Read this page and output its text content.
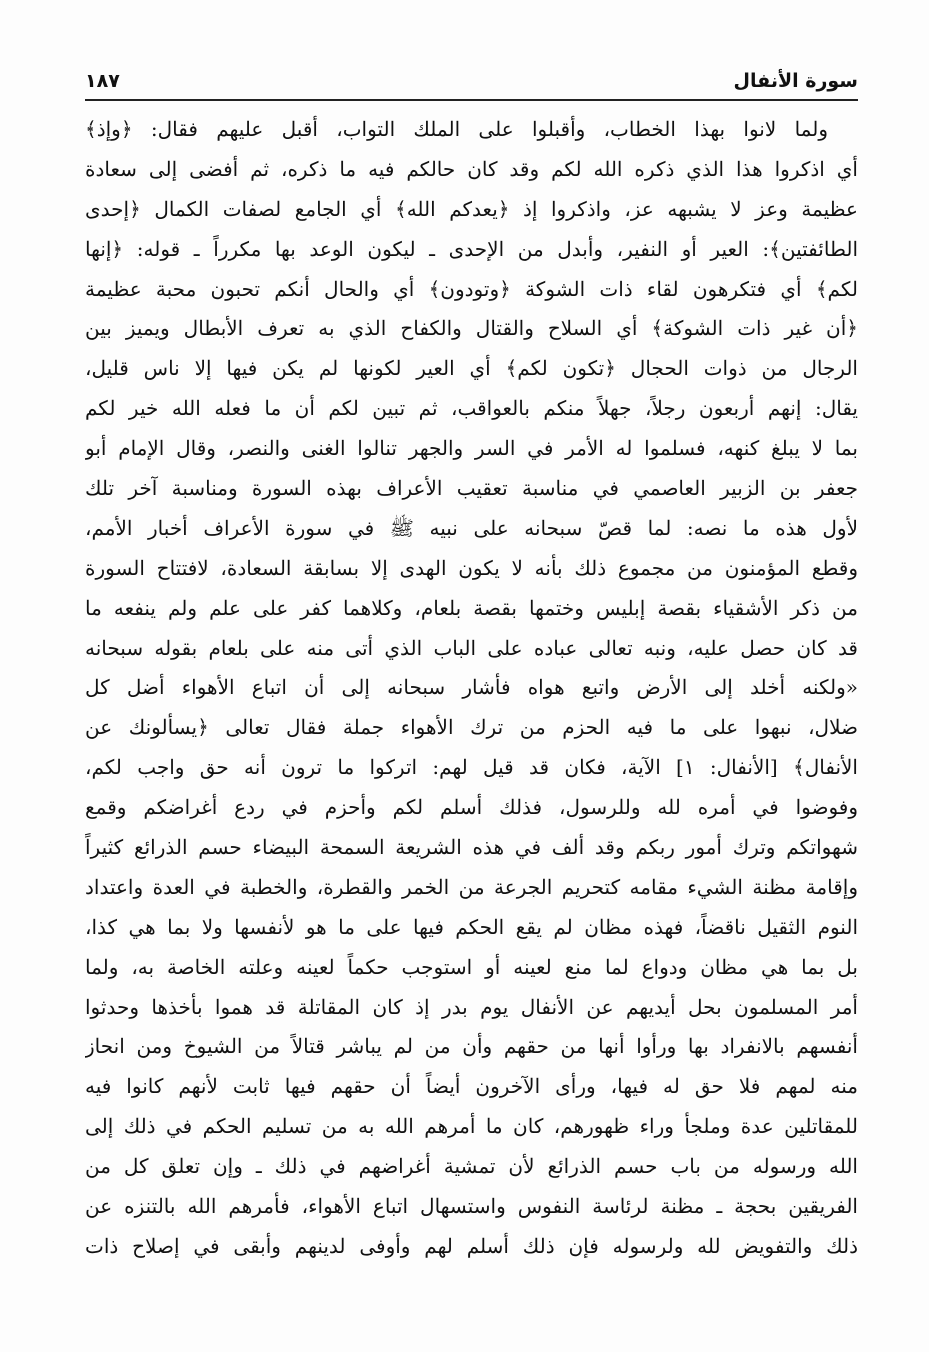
سورة الأنفال
١٨٧
ولما لانوا بهذا الخطاب، وأقبلوا على الملك التواب، أقبل عليهم فقال: ﴿وإذ﴾
أي اذكروا هذا الذي ذكره الله لكم وقد كان حالكم فيه ما ذكره، ثم أفضى إلى سعادة
عظيمة وعز لا يشبهه عز، واذكروا إذ ﴿يعدكم الله﴾ أي الجامع لصفات الكمال ﴿إحدى
الطائفتين﴾: العير أو النفير، وأبدل من الإحدى ـ ليكون الوعد بها مكرراً ـ قوله: ﴿إنها
لكم﴾ أي فتكرهون لقاء ذات الشوكة ﴿وتودون﴾ أي والحال أنكم تحبون محبة عظيمة
﴿أن غير ذات الشوكة﴾ أي السلاح والقتال والكفاح الذي به تعرف الأبطال ويميز بين
الرجال من ذوات الحجال ﴿تكون لكم﴾ أي العير لكونها لم يكن فيها إلا ناس قليل،
يقال: إنهم أربعون رجلاً، جهلاً منكم بالعواقب، ثم تبين لكم أن ما فعله الله خير لكم
بما لا يبلغ كنهه، فسلموا له الأمر في السر والجهر تنالوا الغنى والنصر، وقال الإمام أبو
جعفر بن الزبير العاصمي في مناسبة تعقيب الأعراف بهذه السورة ومناسبة آخر تلك
لأول هذه ما نصه: لما قصّ سبحانه على نبيه ﷺ في سورة الأعراف أخبار الأمم،
وقطع المؤمنون من مجموع ذلك بأنه لا يكون الهدى إلا بسابقة السعادة، لافتتاح السورة
من ذكر الأشقياء بقصة إبليس وختمها بقصة بلعام، وكلاهما كفر على علم ولم ينفعه ما
قد كان حصل عليه، ونبه تعالى عباده على الباب الذي أتى منه على بلعام بقوله سبحانه
«ولكنه أخلد إلى الأرض واتبع هواه فأشار سبحانه إلى أن اتباع الأهواء أضل كل
ضلال، نبهوا على ما فيه الحزم من ترك الأهواء جملة فقال تعالى ﴿يسألونك عن
الأنفال﴾ [الأنفال: ١] الآية، فكان قد قيل لهم: اتركوا ما ترون أنه حق واجب لكم،
وفوضوا في أمره لله وللرسول، فذلك أسلم لكم وأحزم في ردع أغراضكم وقمع
شهواتكم وترك أمور ربكم وقد ألف في هذه الشريعة السمحة البيضاء حسم الذرائع كثيراً
وإقامة مظنة الشيء مقامه كتحريم الجرعة من الخمر والقطرة، والخطبة في العدة واعتداد
النوم الثقيل ناقضاً، فهذه مظان لم يقع الحكم فيها على ما هو لأنفسها ولا بما هي كذا،
بل بما هي مظان ودواع لما منع لعينه أو استوجب حكماً لعينه وعلته الخاصة به، ولما
أمر المسلمون بحل أيديهم عن الأنفال يوم بدر إذ كان المقاتلة قد هموا بأخذها وحدثوا
أنفسهم بالانفراد بها ورأوا أنها من حقهم وأن من لم يباشر قتالاً من الشيوخ ومن انحاز
منه لمهم فلا حق له فيها، ورأى الآخرون أيضاً أن حقهم فيها ثابت لأنهم كانوا فيه
للمقاتلين عدة وملجأ وراء ظهورهم، كان ما أمرهم الله به من تسليم الحكم في ذلك إلى
الله ورسوله من باب حسم الذرائع لأن تمشية أغراضهم في ذلك ـ وإن تعلق كل من
الفريقين بحجة ـ مظنة لرئاسة النفوس واستسهال اتباع الأهواء، فأمرهم الله بالتنزه عن
ذلك والتفويض لله ولرسوله فإن ذلك أسلم لهم وأوفى لدينهم وأبقى في إصلاح ذات
